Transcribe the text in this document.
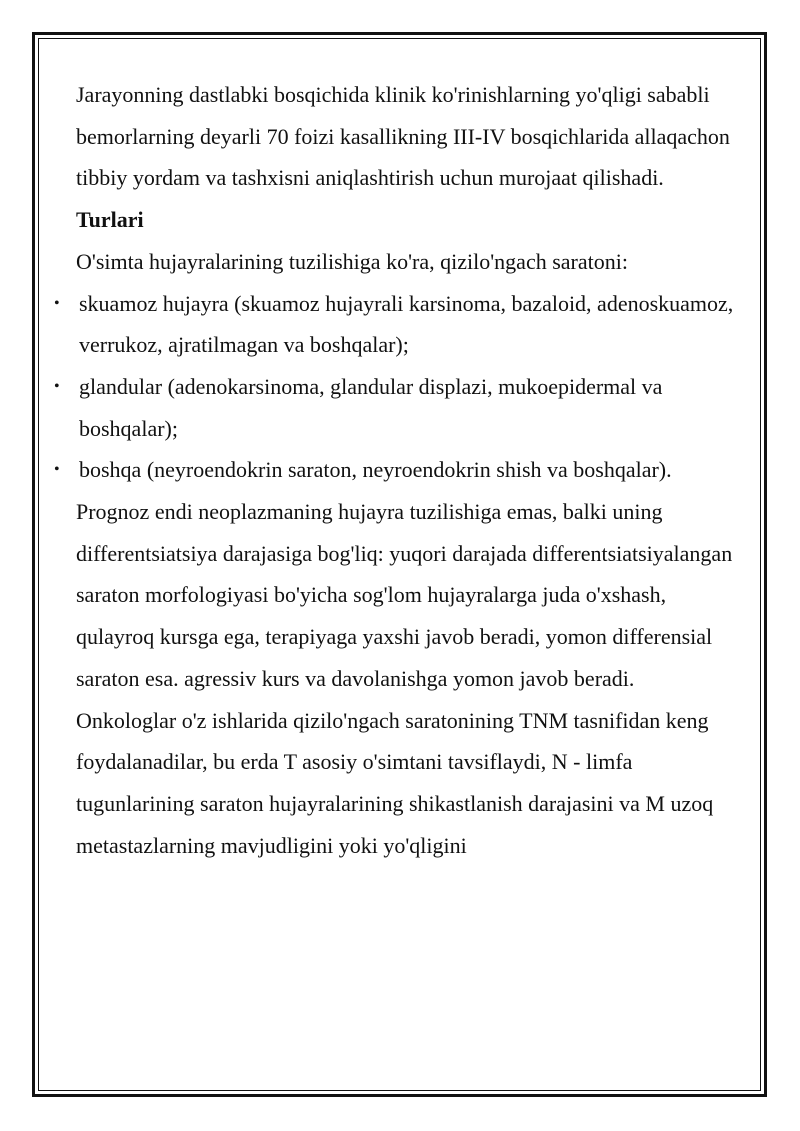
Jarayonning dastlabki bosqichida klinik ko'rinishlarning yo'qligi sababli bemorlarning deyarli 70 foizi kasallikning III-IV bosqichlarida allaqachon tibbiy yordam va tashxisni aniqlashtirish uchun murojaat qilishadi.

Turlari

O'simta hujayralarining tuzilishiga ko'ra, qizilo'ngach saratoni:

• skuamoz hujayra (skuamoz hujayrali karsinoma, bazaloid, adenoskuamoz, verrukoz, ajratilmagan va boshqalar);
• glandular (adenokarsinoma, glandular displazi, mukoepidermal va boshqalar);
• boshqa (neyroendokrin saraton, neyroendokrin shish va boshqalar).

Prognoz endi neoplazmaning hujayra tuzilishiga emas, balki uning differentsiatsiya darajasiga bog'liq: yuqori darajada differentsiatsiyalangan saraton morfologiyasi bo'yicha sog'lom hujayralarga juda o'xshash, qulayroq kursga ega, terapiyaga yaxshi javob beradi, yomon differensial saraton esa. agressiv kurs va davolanishga yomon javob beradi.

Onkologlar o'z ishlarida qizilo'ngach saratonining TNM tasnifidan keng foydalanadilar, bu erda T asosiy o'simtani tavsiflaydi, N - limfa tugunlarining saraton hujayralarining shikastlanish darajasini va M uzoq metastazlarning mavjudligini yoki yo'qligini
